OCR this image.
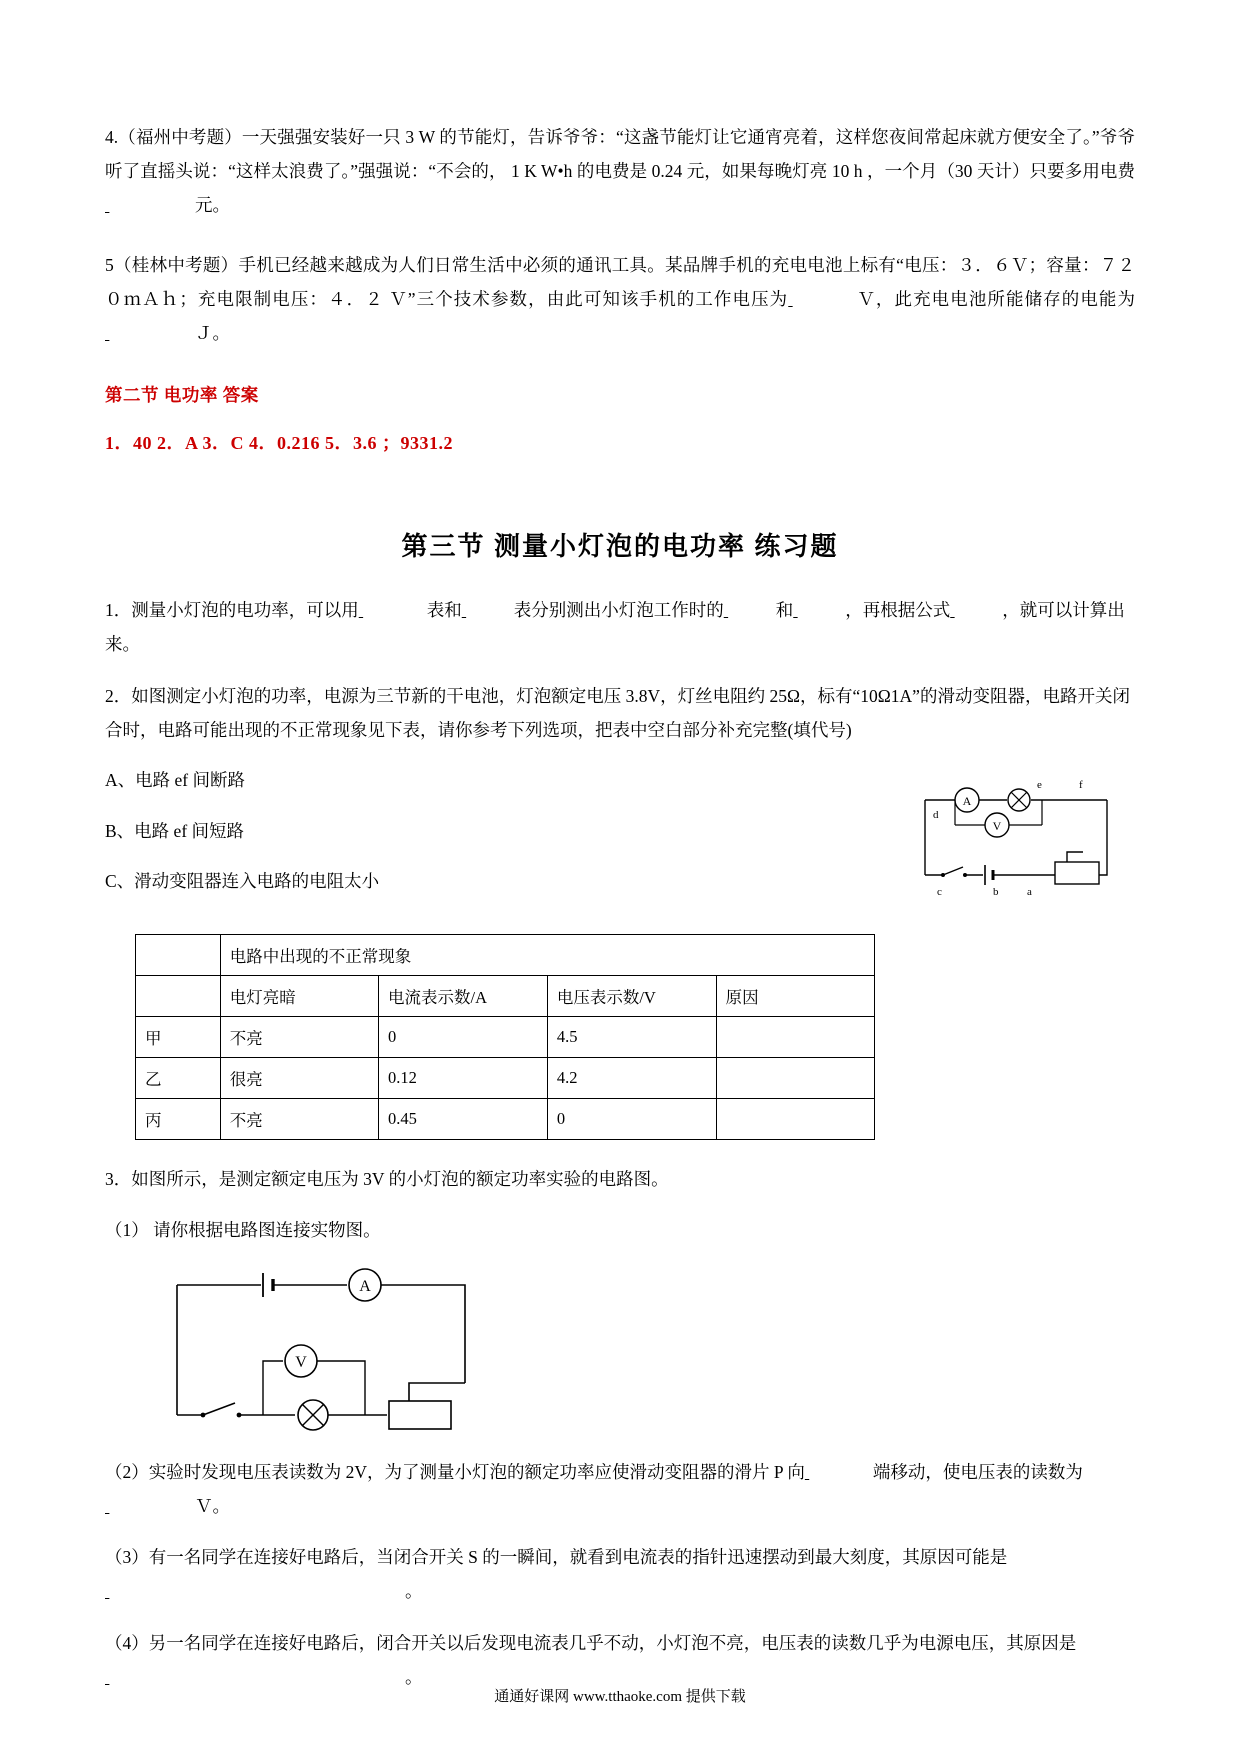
4.（福州中考题）一天强强安装好一只 3 W 的节能灯，告诉爷爷：“这盏节能灯让它通宵亮着，这样您夜间常起床就方便安全了。”爷爷听了直摇头说：“这样太浪费了。”强强说：“不会的， 1 K W•h 的电费是 0.24 元，如果每晚灯亮 10 h ，一个月（30 天计）只要多用电费 元。

5（桂林中考题）手机已经越来越成为人们日常生活中必须的通讯工具。某品牌手机的充电电池上标有“电压：３．６Ｖ；容量：７２０ｍＡｈ；充电限制电压：４．２ Ｖ”三个技术参数，由此可知该手机的工作电压为	Ｖ，此充电电池所能储存的电能为 Ｊ。

第二节 电功率 答案

1．40 2．A 3．C 4．0.216 5．3.6 ；9331.2

第三节 测量小灯泡的电功率 练习题

1．测量小灯泡的电功率，可以用	表和	表分别测出小灯泡工作时的	和	，再根据公式	，就可以计算出来。

2．如图测定小灯泡的功率，电源为三节新的干电池，灯泡额定电压 3.8V，灯丝电阻约 25Ω，标有“10Ω1A”的滑动变阻器，电路开关闭合时，电路可能出现的不正常现象见下表，请你参考下列选项，把表中空白部分补充完整(填代号)

A
V
e	f
d
c	b	a

A、电路 ef 间断路

B、电路 ef 间短路

C、滑动变阻器连入电路的电阻太小

	电路中出现的不正常现象			
	电灯亮暗	电流表示数/A	电压表示数/V	原因
甲	不亮	0	4.5	
乙	很亮	0.12	4.2	
丙	不亮	0.45	0	

3．如图所示，是测定额定电压为 3V 的小灯泡的额定功率实验的电路图。

（1） 请你根据电路图连接实物图。

A
V

（2）实验时发现电压表读数为 2V，为了测量小灯泡的额定功率应使滑动变阻器的滑片 P 向	端移动，使电压表的读数为 Ｖ。

（3）有一名同学在连接好电路后，当闭合开关 S 的一瞬间，就看到电流表的指针迅速摆动到最大刻度，其原因可能是 。

（4）另一名同学在连接好电路后，闭合开关以后发现电流表几乎不动，小灯泡不亮，电压表的读数几乎为电源电压，其原因是 。

通通好课网 www.tthaoke.com 提供下载
